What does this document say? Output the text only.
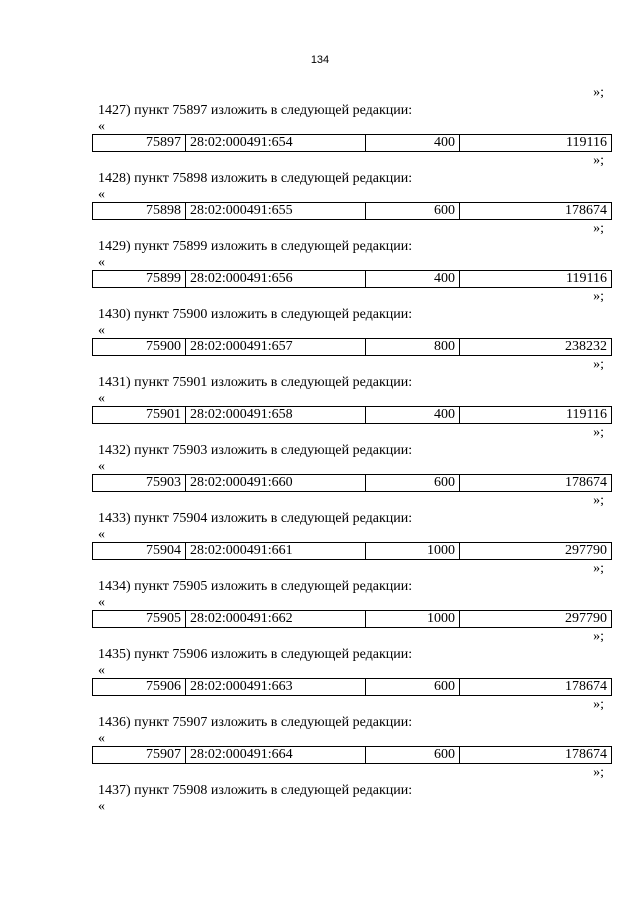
134
»;
1427) пункт 75897 изложить в следующей редакции:
«
75897	28:02:000491:654	400	119116
»;
1428) пункт 75898 изложить в следующей редакции:
«
75898	28:02:000491:655	600	178674
»;
1429) пункт 75899 изложить в следующей редакции:
«
75899	28:02:000491:656	400	119116
»;
1430) пункт 75900 изложить в следующей редакции:
«
75900	28:02:000491:657	800	238232
»;
1431) пункт 75901 изложить в следующей редакции:
«
75901	28:02:000491:658	400	119116
»;
1432) пункт 75903 изложить в следующей редакции:
«
75903	28:02:000491:660	600	178674
»;
1433) пункт 75904 изложить в следующей редакции:
«
75904	28:02:000491:661	1000	297790
»;
1434) пункт 75905 изложить в следующей редакции:
«
75905	28:02:000491:662	1000	297790
»;
1435) пункт 75906 изложить в следующей редакции:
«
75906	28:02:000491:663	600	178674
»;
1436) пункт 75907 изложить в следующей редакции:
«
75907	28:02:000491:664	600	178674
»;
1437) пункт 75908 изложить в следующей редакции:
«
